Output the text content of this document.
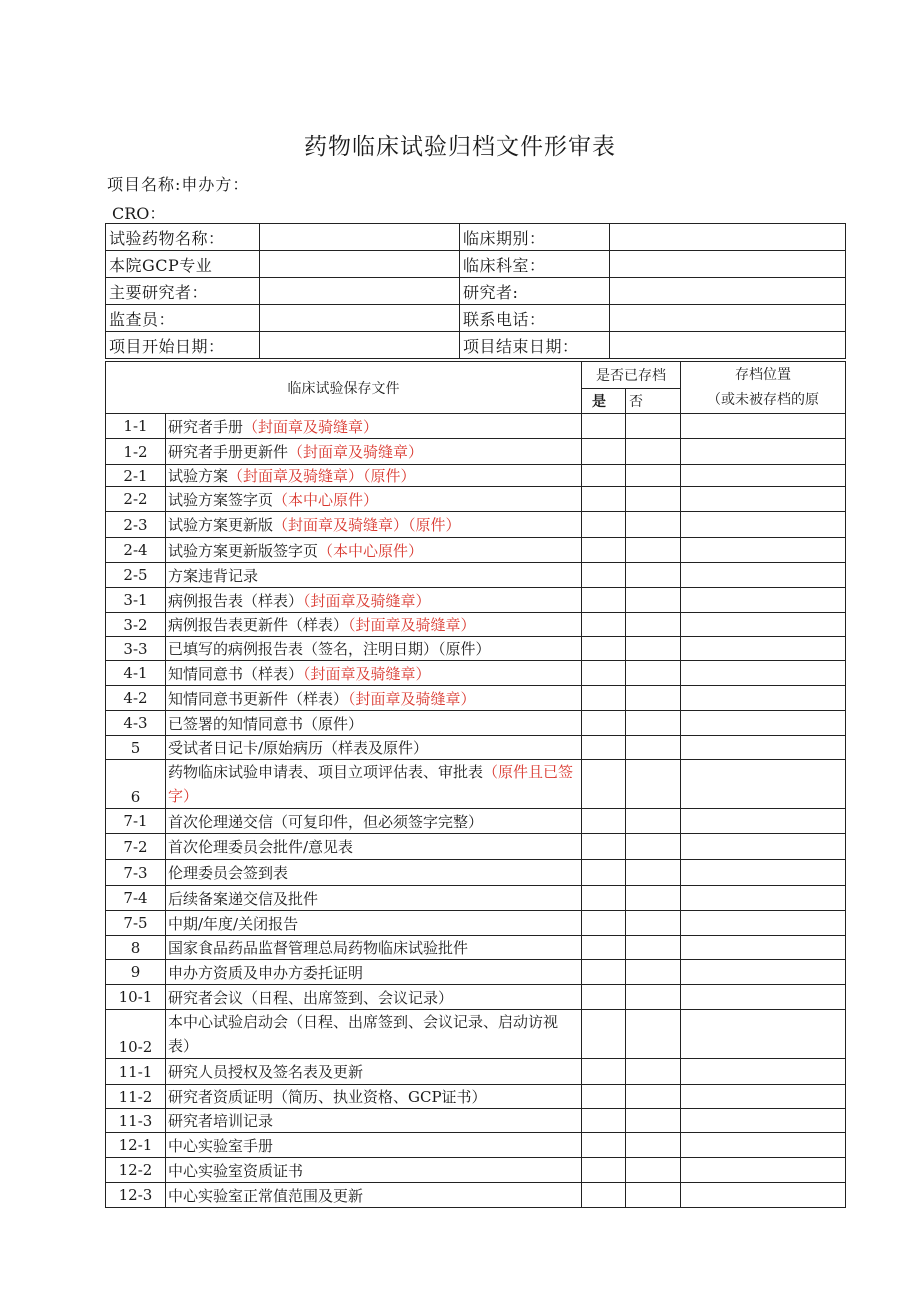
药物临床试验归档文件形审表
项目名称:申办方：
CRO：
试验药物名称：		临床期别：	
本院GCP专业		临床科室：	
主要研究者：		研究者:	
监查员：		联系电话：	
项目开始日期：		项目结束日期：	
临床试验保存文件		是否已存档		存档位置
（或未被存档的原

		是	否	
1-1	研究者手册（封面章及骑缝章）			
1-2	研究者手册更新件（封面章及骑缝章）			
2-1	试验方案（封面章及骑缝章）（原件）			
2-2	试验方案签字页（本中心原件）			
2-3	试验方案更新版（封面章及骑缝章）（原件）			
2-4	试验方案更新版签字页（本中心原件）			
2-5	方案违背记录			
3-1	病例报告表（样表）（封面章及骑缝章）			
3-2	病例报告表更新件（样表）（封面章及骑缝章）			
3-3	已填写的病例报告表（签名，注明日期）（原件）			
4-1	知情同意书（样表）（封面章及骑缝章）			
4-2	知情同意书更新件（样表）（封面章及骑缝章）			
4-3	已签署的知情同意书（原件）			
5	受试者日记卡/原始病历（样表及原件）			
6	药物临床试验申请表、项目立项评估表、审批表（原件且已签字）			
7-1	首次伦理递交信（可复印件，但必须签字完整）			
7-2	首次伦理委员会批件/意见表			
7-3	伦理委员会签到表			
7-4	后续备案递交信及批件			
7-5	中期/年度/关闭报告			
8	国家食品药品监督管理总局药物临床试验批件			
9	申办方资质及申办方委托证明			
10-1	研究者会议（日程、出席签到、会议记录）			
10-2	本中心试验启动会（日程、出席签到、会议记录、启动访视表）			
11-1	研究人员授权及签名表及更新			
11-2	研究者资质证明（简历、执业资格、GCP证书）			
11-3	研究者培训记录			
12-1	中心实验室手册			
12-2	中心实验室资质证书			
12-3	中心实验室正常值范围及更新			
